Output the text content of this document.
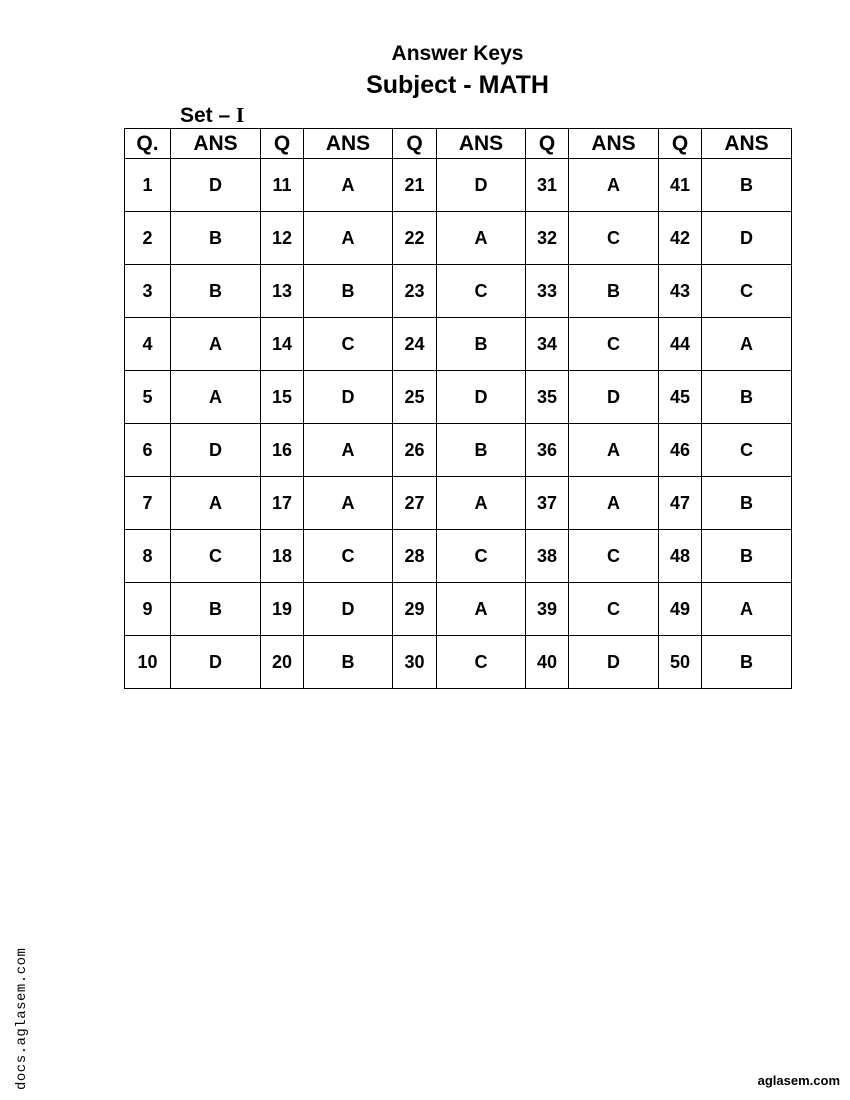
Answer Keys
Subject - MATH
Set – I
Q.	ANS	Q	ANS	Q	ANS	Q	ANS	Q	ANS
1	D	11	A	21	D	31	A	41	B
2	B	12	A	22	A	32	C	42	D
3	B	13	B	23	C	33	B	43	C
4	A	14	C	24	B	34	C	44	A
5	A	15	D	25	D	35	D	45	B
6	D	16	A	26	B	36	A	46	C
7	A	17	A	27	A	37	A	47	B
8	C	18	C	28	C	38	C	48	B
9	B	19	D	29	A	39	C	49	A
10	D	20	B	30	C	40	D	50	B
docs.aglasem.com	aglasem.com
